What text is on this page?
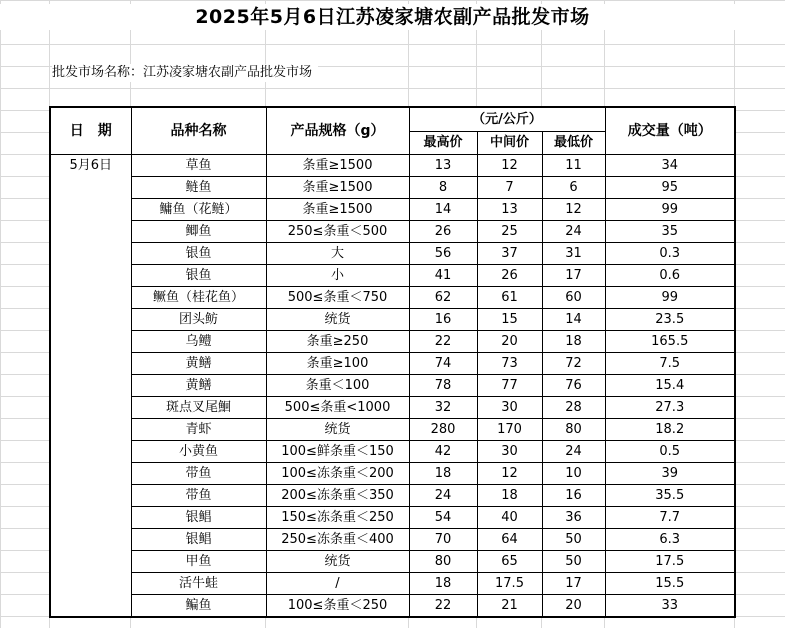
2025年5月6日江苏凌家塘农副产品批发市场
批发市场名称：江苏凌家塘农副产品批发市场
日　期	品种名称	产品规格（g）	（元/公斤）			成交量（吨）
			最高价	中间价	最低价	
5月6日	草鱼	条重≥1500	13	12	11	34
	鲢鱼	条重≥1500	8	7	6	95
	鳙鱼（花鲢）	条重≥1500	14	13	12	99
	鲫鱼	250≤条重＜500	26	25	24	35
	银鱼	大	56	37	31	0.3
	银鱼	小	41	26	17	0.6
	鳜鱼（桂花鱼）	500≤条重＜750	62	61	60	99
	团头鲂	统货	16	15	14	23.5
	乌鳢	条重≥250	22	20	18	165.5
	黄鳝	条重≥100	74	73	72	7.5
	黄鳝	条重＜100	78	77	76	15.4
	斑点叉尾鮰	500≤条重<1000	32	30	28	27.3
	青虾	统货	280	170	80	18.2
	小黄鱼	100≤鲜条重＜150	42	30	24	0.5
	带鱼	100≤冻条重＜200	18	12	10	39
	带鱼	200≤冻条重＜350	24	18	16	35.5
	银鲳	150≤冻条重＜250	54	40	36	7.7
	银鲳	250≤冻条重＜400	70	64	50	6.3
	甲鱼	统货	80	65	50	17.5
	活牛蛙	/	18	17.5	17	15.5
	鳊鱼	100≤条重＜250	22	21	20	33
